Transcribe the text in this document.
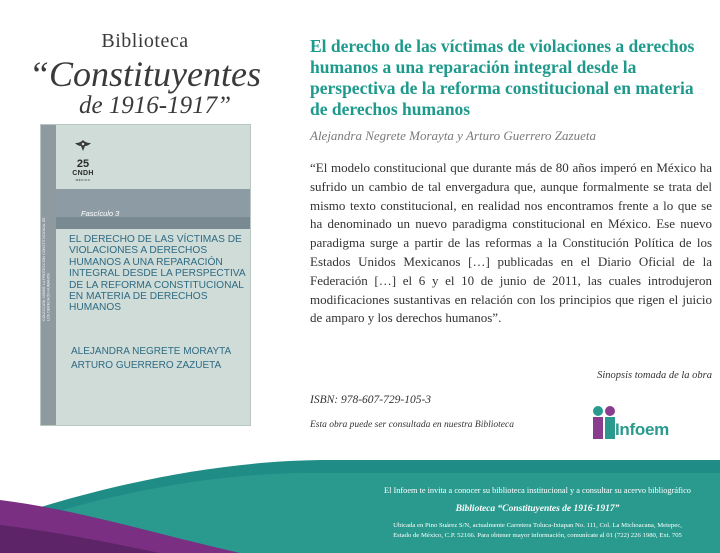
Biblioteca
“Constituyentes
de 1916-1917”
COLECCIÓN SOBRE LA PROTECCIÓN CONSTITUCIONAL DE LOS DERECHOS HUMANOS
25
CNDH
MÉXICO
Fascículo 3
EL DERECHO DE LAS VÍCTIMAS DE VIOLACIONES A DERECHOS HUMANOS A UNA REPARACIÓN INTEGRAL DESDE LA PERSPECTIVA DE LA REFORMA CONSTITUCIONAL EN MATERIA DE DERECHOS HUMANOS
ALEJANDRA NEGRETE MORAYTA
ARTURO GUERRERO ZAZUETA
El derecho de las víctimas de violaciones a derechos humanos a una reparación integral desde la perspectiva de la reforma constitucional en materia de derechos humanos
Alejandra Negrete Morayta y Arturo Guerrero Zazueta
“El modelo constitucional que durante más de 80 años imperó en México ha sufrido un cambio de tal envergadura que, aunque formalmente se trata del mismo texto constitucional, en realidad nos encontramos frente a lo que se ha denominado un nuevo paradigma constitucional en México. Ese nuevo paradigma surge a partir de las reformas a la Constitución Política de los Estados Unidos Mexicanos […] publicadas en el Diario Oficial de la Federación […] el 6 y el 10 de junio de 2011, las cuales introdujeron modificaciones sustantivas en relación con los principios que rigen el juicio de amparo y los derechos humanos”.
Sinopsis tomada de la obra
ISBN: 978-607-729-105-3
Esta obra puede ser consultada en nuestra Biblioteca	Infoem
El Infoem te invita a conocer su biblioteca institucional y a consultar su acervo bibliográfico
Biblioteca “Constituyentes de 1916-1917”
Ubicada en Pino Suárez S/N, actualmente Carretera Toluca-Ixtapan No. 111, Col. La Michoacana, Metepec,
Estado de México, C.P. 52166. Para obtener mayor información, comunícate al 01 (722) 226 1980, Ext. 705
